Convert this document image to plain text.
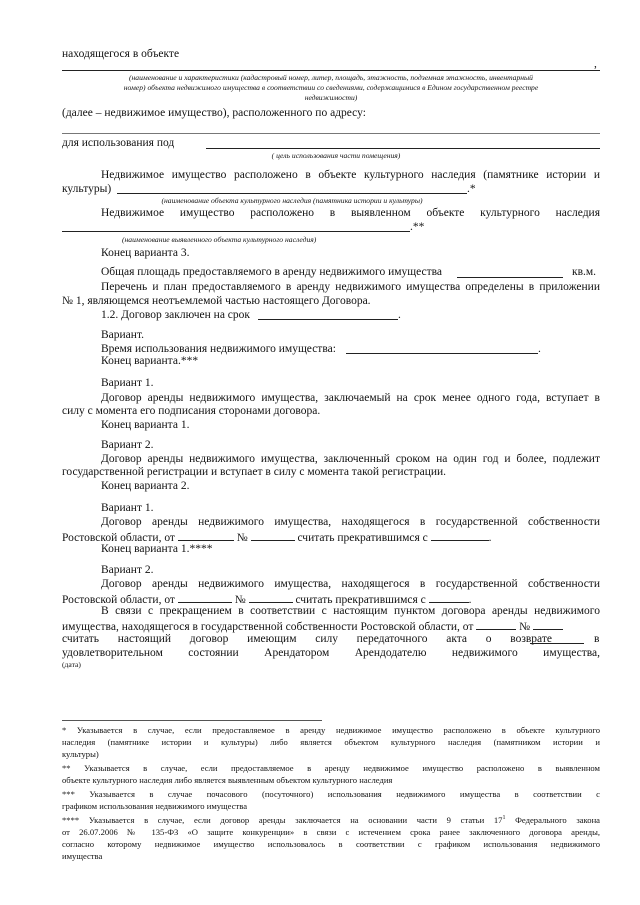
находящегося в объекте
,
(наименование и характеристики (кадастровый номер, литер, площадь, этажность, подземная этажность, инвентарный
номер) объекта недвижимого имущества в соответствии со сведениями, содержащимися в Едином государственном реестре
недвижимости)
(далее – недвижимое имущество), расположенного по адресу:
для использования под
( цель использования части помещения)
Недвижимое имущество расположено в объекте культурного наследия (памятнике истории и
культуры)	.*
(наименование объекта культурного наследия (памятника истории и культуры)
Недвижимое имущество расположено в выявленном объекте культурного наследия
.**
(наименование выявленного объекта культурного наследия)
Конец варианта 3.
Общая площадь предоставляемого в аренду недвижимого имущества	кв.м.
Перечень и план предоставляемого в аренду недвижимого имущества определены в приложении
№ 1, являющемся неотъемлемой частью настоящего Договора.
1.2. Договор заключен на срок	.
Вариант.
Время использования недвижимого имущества:	.
Конец варианта.***
Вариант 1.
Договор аренды недвижимого имущества, заключаемый на срок менее одного года, вступает в
силу с момента его подписания сторонами договора.
Конец варианта 1.
Вариант 2.
Договор аренды недвижимого имущества, заключенный сроком на один год и более, подлежит
государственной регистрации и вступает в силу с момента такой регистрации.
Конец варианта 2.
Вариант 1.
Договор аренды недвижимого имущества, находящегося в государственной собственности
Ростовской области, от	№	считать прекратившимся с	.
Конец варианта 1.****
Вариант 2.
Договор аренды недвижимого имущества, находящегося в государственной собственности
Ростовской области, от	№	считать прекратившимся с	.
В связи с прекращением в соответствии с настоящим пунктом договора аренды недвижимого
имущества, находящегося в государственной собственности Ростовской области, от	№
считать настоящий договор имеющим силу передаточного акта о возврате	в
удовлетворительном состоянии Арендатором Арендодателю недвижимого имущества,
(дата)
* Указывается в случае, если предоставляемое в аренду недвижимое имущество расположено в объекте культурного
наследия (памятнике истории и культуры) либо является объектом культурного наследия (памятником истории и
культуры)
** Указывается в случае, если предоставляемое в аренду недвижимое имущество расположено в выявленном
объекте культурного наследия либо является выявленным объектом культурного наследия
*** Указывается в случае почасового (посуточного) использования недвижимого имущества в соответствии с
графиком использования недвижимого имущества
**** Указывается в случае, если договор аренды заключается на основании части 9 статьи $17^1$ Федерального закона
от 26.07.2006 № 135-ФЗ «О защите конкуренции» в связи с истечением срока ранее заключенного договора аренды,
согласно которому недвижимое имущество использовалось в соответствии с графиком использования недвижимого
имущества
